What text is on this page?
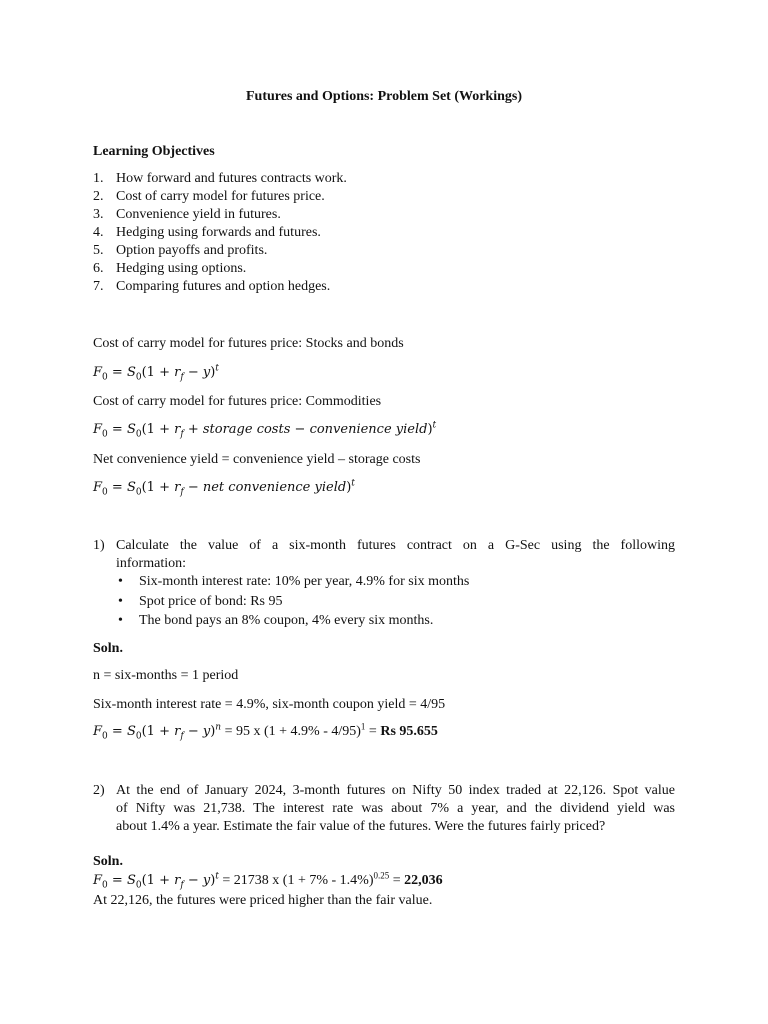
Futures and Options: Problem Set (Workings)
Learning Objectives
1. How forward and futures contracts work.
2. Cost of carry model for futures price.
3. Convenience yield in futures.
4. Hedging using forwards and futures.
5. Option payoffs and profits.
6. Hedging using options.
7. Comparing futures and option hedges.
Cost of carry model for futures price: Stocks and bonds
$F_0 = S_0(1 + r_f - y)^t$
Cost of carry model for futures price: Commodities
$F_0 = S_0(1 + r_f$ + storage costs − convenience yield)$^t$
Net convenience yield = convenience yield – storage costs
$F_0 = S_0(1 + r_f$ − net convenience yield)$^t$
1) Calculate the value of a six-month futures contract on a G-Sec using the following
information:
• Six-month interest rate: 10% per year, 4.9% for six months
• Spot price of bond: Rs 95
• The bond pays an 8% coupon, 4% every six months.
Soln.
n = six-months = 1 period
Six-month interest rate = 4.9%, six-month coupon yield = 4/95
$F_0 = S_0(1 + r_f - y)^n = 95$ x $(1 + 4.9\% - 4/95)^1 = Rs$ 95.655
2) At the end of January 2024, 3-month futures on Nifty 50 index traded at 22,126. Spot value
of Nifty was 21,738. The interest rate was about 7% a year, and the dividend yield was
about 1.4% a year. Estimate the fair value of the futures. Were the futures fairly priced?
Soln.
$F_0 = S_0(1 + r_f - y)^t = 21738$ x $(1 + 7\% - 1.4\%)^{0.25} = 22,036$
At 22,126, the futures were priced higher than the fair value.
